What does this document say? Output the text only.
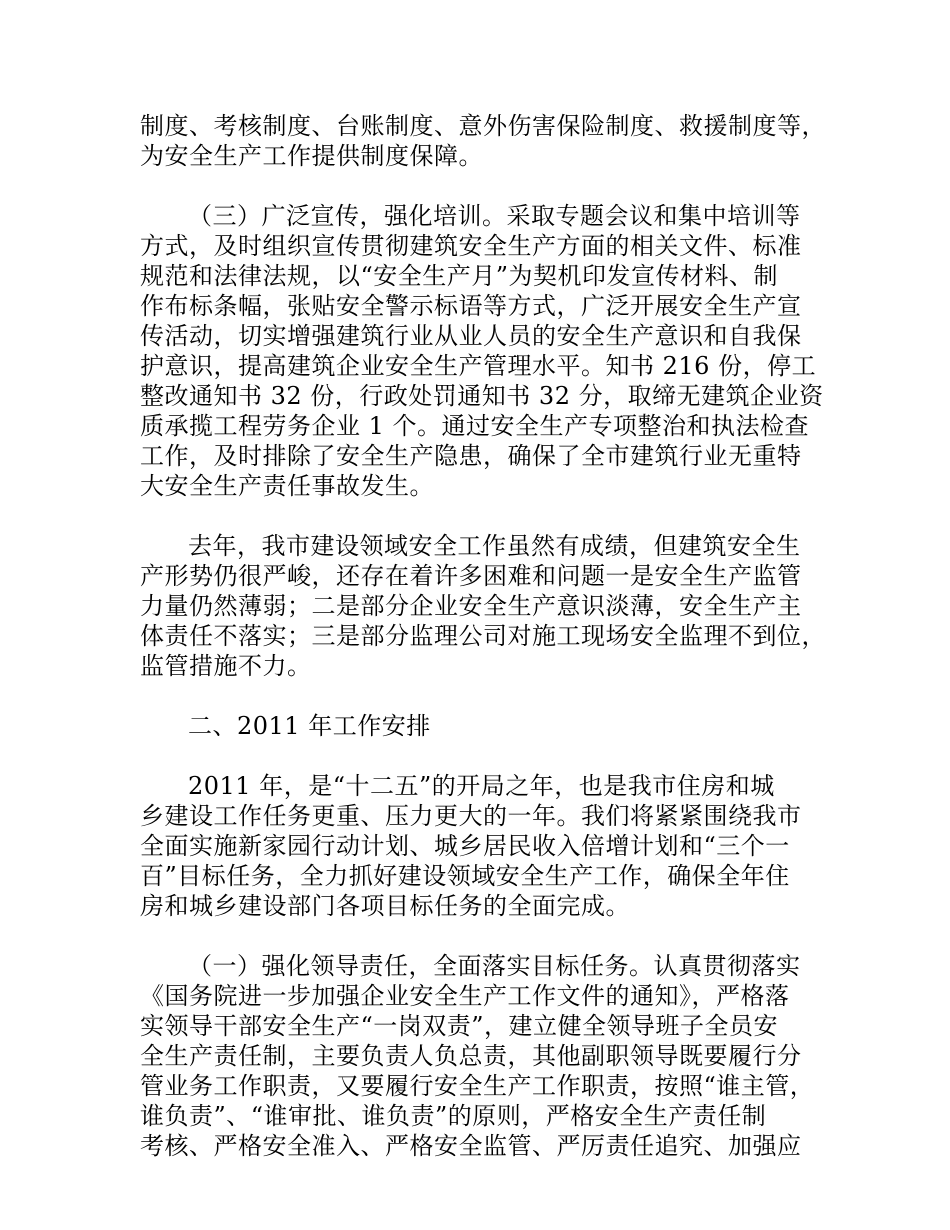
制度、考核制度、台账制度、意外伤害保险制度、救援制度等，
为安全生产工作提供制度保障。
（三）广泛宣传，强化培训。采取专题会议和集中培训等
方式，及时组织宣传贯彻建筑安全生产方面的相关文件、标准
规范和法律法规，以“安全生产月”为契机印发宣传材料、制
作布标条幅，张贴安全警示标语等方式，广泛开展安全生产宣
传活动，切实增强建筑行业从业人员的安全生产意识和自我保
护意识，提高建筑企业安全生产管理水平。知书 216 份，停工
整改通知书 32 份，行政处罚通知书 32 分，取缔无建筑企业资
质承揽工程劳务企业 1 个。通过安全生产专项整治和执法检查
工作，及时排除了安全生产隐患，确保了全市建筑行业无重特
大安全生产责任事故发生。
去年，我市建设领域安全工作虽然有成绩，但建筑安全生
产形势仍很严峻，还存在着许多困难和问题一是安全生产监管
力量仍然薄弱；二是部分企业安全生产意识淡薄，安全生产主
体责任不落实；三是部分监理公司对施工现场安全监理不到位，
监管措施不力。
二、2011 年工作安排
2011 年，是“十二五”的开局之年，也是我市住房和城
乡建设工作任务更重、压力更大的一年。我们将紧紧围绕我市
全面实施新家园行动计划、城乡居民收入倍增计划和“三个一
百”目标任务，全力抓好建设领域安全生产工作，确保全年住
房和城乡建设部门各项目标任务的全面完成。
（一）强化领导责任，全面落实目标任务。认真贯彻落实
《国务院进一步加强企业安全生产工作文件的通知》，严格落
实领导干部安全生产“一岗双责”，建立健全领导班子全员安
全生产责任制，主要负责人负总责，其他副职领导既要履行分
管业务工作职责，又要履行安全生产工作职责，按照“谁主管，
谁负责”、“谁审批、谁负责”的原则，严格安全生产责任制
考核、严格安全准入、严格安全监管、严厉责任追究、加强应
